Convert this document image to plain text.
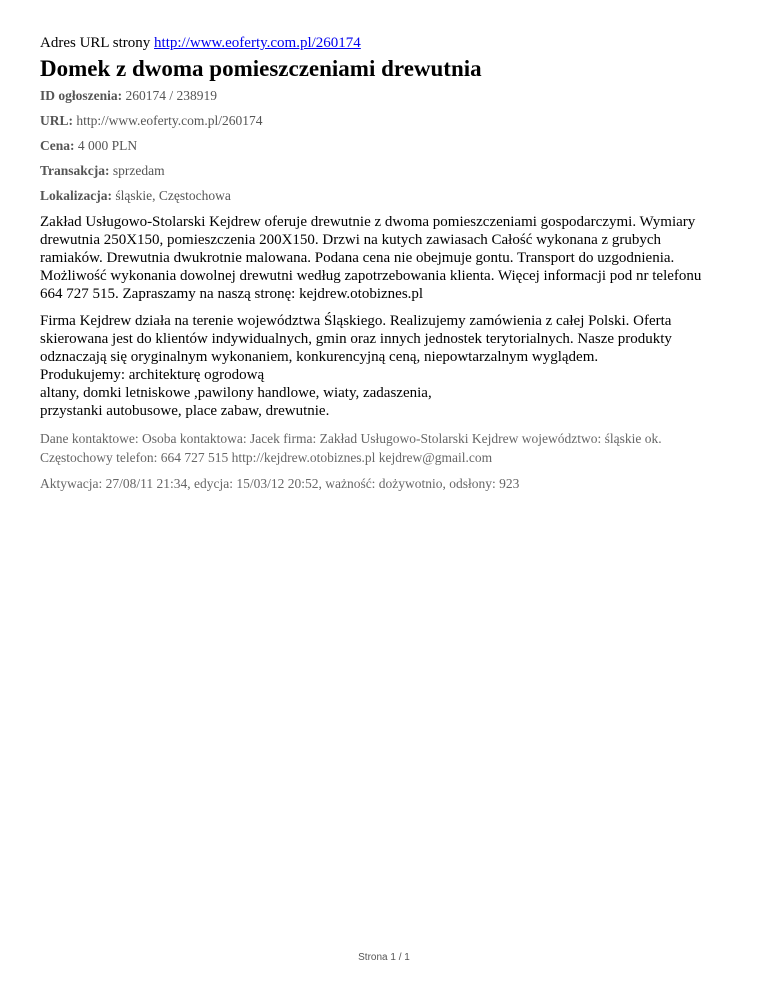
Adres URL strony http://www.eoferty.com.pl/260174

Domek z dwoma pomieszczeniami drewutnia

ID ogłoszenia: 260174 / 238919

URL: http://www.eoferty.com.pl/260174

Cena: 4 000 PLN

Transakcja: sprzedam

Lokalizacja: śląskie, Częstochowa

Zakład Usługowo-Stolarski Kejdrew oferuje drewutnie z dwoma pomieszczeniami gospodarczymi. Wymiary
drewutnia 250X150, pomieszczenia 200X150. Drzwi na kutych zawiasach Całość wykonana z grubych
ramiaków. Drewutnia dwukrotnie malowana. Podana cena nie obejmuje gontu. Transport do uzgodnienia.
Możliwość wykonania dowolnej drewutni według zapotrzebowania klienta. Więcej informacji pod nr telefonu
664 727 515. Zapraszamy na naszą stronę: kejdrew.otobiznes.pl
Firma Kejdrew działa na terenie województwa Śląskiego. Realizujemy zamówienia z całej Polski. Oferta
skierowana jest do klientów indywidualnych, gmin oraz innych jednostek terytorialnych. Nasze produkty
odznaczają się oryginalnym wykonaniem, konkurencyjną ceną, niepowtarzalnym wyglądem.
Produkujemy: architekturę ogrodową
altany, domki letniskowe ,pawilony handlowe, wiaty, zadaszenia,
przystanki autobusowe, place zabaw, drewutnie.
Dane kontaktowe: Osoba kontaktowa: Jacek firma: Zakład Usługowo-Stolarski Kejdrew województwo: śląskie ok.
Częstochowy telefon: 664 727 515 http://kejdrew.otobiznes.pl kejdrew@gmail.com

Aktywacja: 27/08/11 21:34, edycja: 15/03/12 20:52, ważność: dożywotnio, odsłony: 923

Strona 1 / 1
